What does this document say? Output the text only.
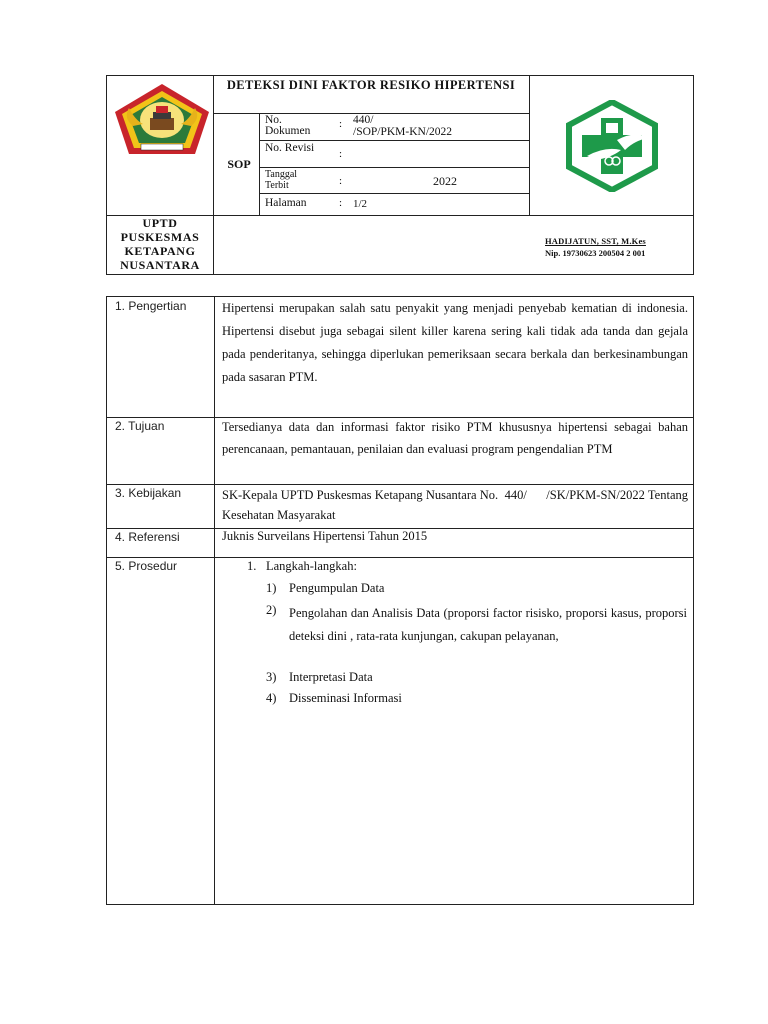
DETEKSI DINI FAKTOR RESIKO HIPERTENSI
SOP
No. Dokumen
: 440/
/SOP/PKM-KN/2022
No. Revisi :
Tanggal Terbit	:	2022
Halaman	: 1/2
UPTD PUSKESMAS KETAPANG NUSANTARA
HADIJATUN, SST, M.Kes
Nip. 19730623 200504 2 001
1. Pengertian	Hipertensi merupakan salah satu penyakit yang menjadi penyebab kematian di indonesia. Hipertensi disebut juga sebagai silent killer karena sering kali tidak ada tanda dan gejala pada penderitanya, sehingga diperlukan pemeriksaan secara berkala dan berkesinambungan pada sasaran PTM.
2. Tujuan	Tersedianya data dan informasi faktor risiko PTM khususnya hipertensi sebagai bahan perencanaan, pemantauan, penilaian dan evaluasi program pengendalian PTM
3. Kebijakan	SK-Kepala UPTD Puskesmas Ketapang Nusantara No.  440/      /SK/PKM-SN/2022 Tentang Kesehatan Masyarakat
4. Referensi	Juknis Surveilans Hipertensi Tahun 2015
5. Prosedur	1. Langkah-langkah:
1) Pengumpulan Data
2) Pengolahan dan Analisis Data (proporsi factor risisko, proporsi kasus, proporsi deteksi dini , rata-rata kunjungan, cakupan pelayanan,
3) Interpretasi Data
4) Disseminasi Informasi
